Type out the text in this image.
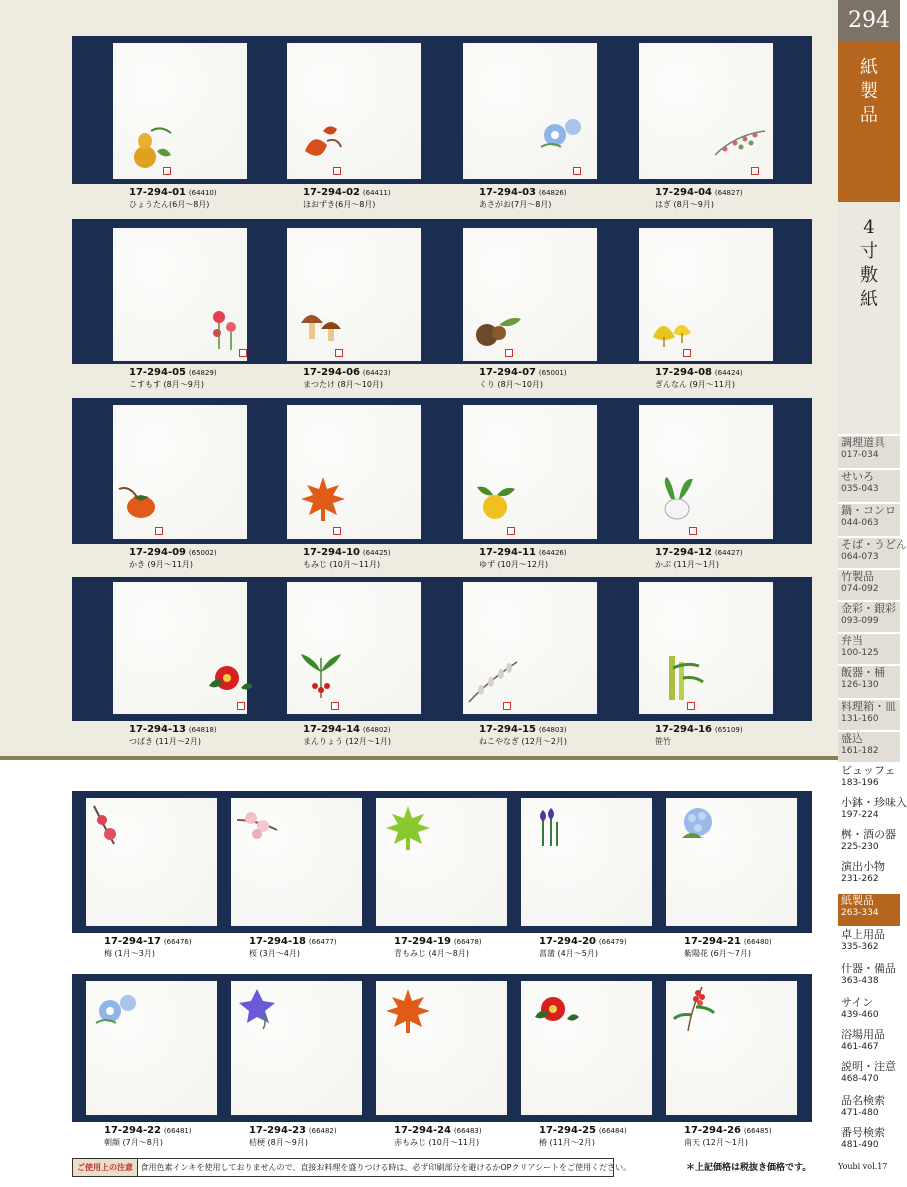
294
紙製品
4寸敷紙
調理道具
017-034
せいろ
035-043
鍋・コンロ
044-063
そば・うどん
064-073
竹製品
074-092
金彩・銀彩
093-099
弁当
100-125
飯器・桶
126-130
料理箱・皿
131-160
盛込
161-182
ビュッフェ
183-196
小鉢・珍味入
197-224
桝・酒の器
225-230
演出小物
231-262
紙製品
263-334
卓上用品
335-362
什器・備品
363-438
サイン
439-460
浴場用品
461-467
説明・注意
468-470
品名検索
471-480
番号検索
481-490
17-294-01 (64410)
ひょうたん(6月～8月)
17-294-02 (64411)
ほおずき(6月～8月)
17-294-03 (64826)
あさがお(7月～8月)
17-294-04 (64827)
はぎ (8月～9月)
17-294-05 (64829)
こすもす (8月～9月)
17-294-06 (64423)
まつたけ (8月～10月)
17-294-07 (65001)
くり (8月～10月)
17-294-08 (64424)
ぎんなん (9月～11月)
17-294-09 (65002)
かき (9月～11月)
17-294-10 (64425)
もみじ (10月～11月)
17-294-11 (64426)
ゆず (10月～12月)
17-294-12 (64427)
かぶ (11月～1月)
17-294-13 (64818)
つばき (11月～2月)
17-294-14 (64802)
まんりょう (12月～1月)
17-294-15 (64803)
ねこやなぎ (12月～2月)
17-294-16 (65109)
笹竹
17-294-17 (66476)
梅 (1月～3月)
17-294-18 (66477)
桜 (3月～4月)
17-294-19 (66478)
青もみじ (4月～8月)
17-294-20 (66479)
菖蒲 (4月～5月)
17-294-21 (66480)
紫陽花 (6月～7月)
17-294-22 (66481)
朝顔 (7月～8月)
17-294-23 (66482)
桔梗 (8月～9月)
17-294-24 (66483)
赤もみじ (10月～11月)
17-294-25 (66484)
椿 (11月～2月)
17-294-26 (66485)
南天 (12月～1月)
ご使用上の注意 食用色素インキを使用しておりませんので、直接お料理を盛りつける時は、必ず印刷部分を避けるかOPクリアシートをご使用ください。	＊上記価格は税抜き価格です。	Youbi vol.17
